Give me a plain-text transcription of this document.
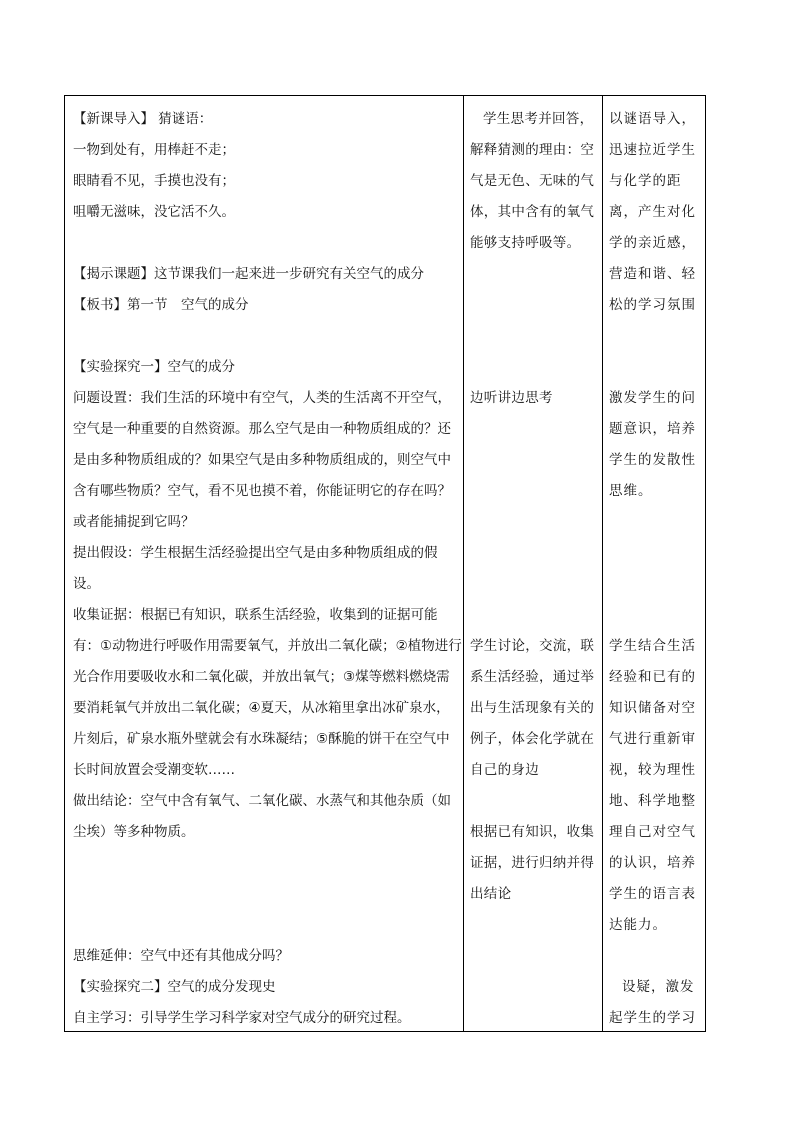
【新课导入】 猜谜语：

一物到处有，用棒赶不走；

眼睛看不见，手摸也没有；

咀嚼无滋味，没它活不久。

【揭示课题】这节课我们一起来进一步研究有关空气的成分

【板书】第一节　空气的成分

【实验探究一】空气的成分

问题设置：我们生活的环境中有空气，人类的生活离不开空气，空气是一种重要的自然资源。那么空气是由一种物质组成的？还是由多种物质组成的？如果空气是由多种物质组成的，则空气中含有哪些物质？空气，看不见也摸不着，你能证明它的存在吗？或者能捕捉到它吗？

提出假设：学生根据生活经验提出空气是由多种物质组成的假设。

收集证据：根据已有知识，联系生活经验，收集到的证据可能有：①动物进行呼吸作用需要氧气，并放出二氧化碳；②植物进行光合作用要吸收水和二氧化碳，并放出氧气；③煤等燃料燃烧需要消耗氧气并放出二氧化碳；④夏天，从冰箱里拿出冰矿泉水，片刻后，矿泉水瓶外壁就会有水珠凝结；⑤酥脆的饼干在空气中长时间放置会受潮变软……

做出结论：空气中含有氧气、二氧化碳、水蒸气和其他杂质（如尘埃）等多种物质。

思维延伸：空气中还有其他成分吗？

【实验探究二】空气的成分发现史

自主学习：引导学生学习科学家对空气成分的研究过程。

学生思考并回答，解释猜测的理由：空气是无色、无味的气体，其中含有的氧气能够支持呼吸等。

边听讲边思考

学生讨论，交流，联系生活经验，通过举出与生活现象有关的例子，体会化学就在自己的身边

根据已有知识，收集证据，进行归纳并得出结论

以谜语导入，迅速拉近学生与化学的距离，产生对化学的亲近感，营造和谐、轻松的学习氛围

激发学生的问题意识，培养学生的发散性思维。

学生结合生活经验和已有的知识储备对空气进行重新审视，较为理性地、科学地整理自己对空气的认识，培养学生的语言表达能力。

设疑，激发起学生的学习
